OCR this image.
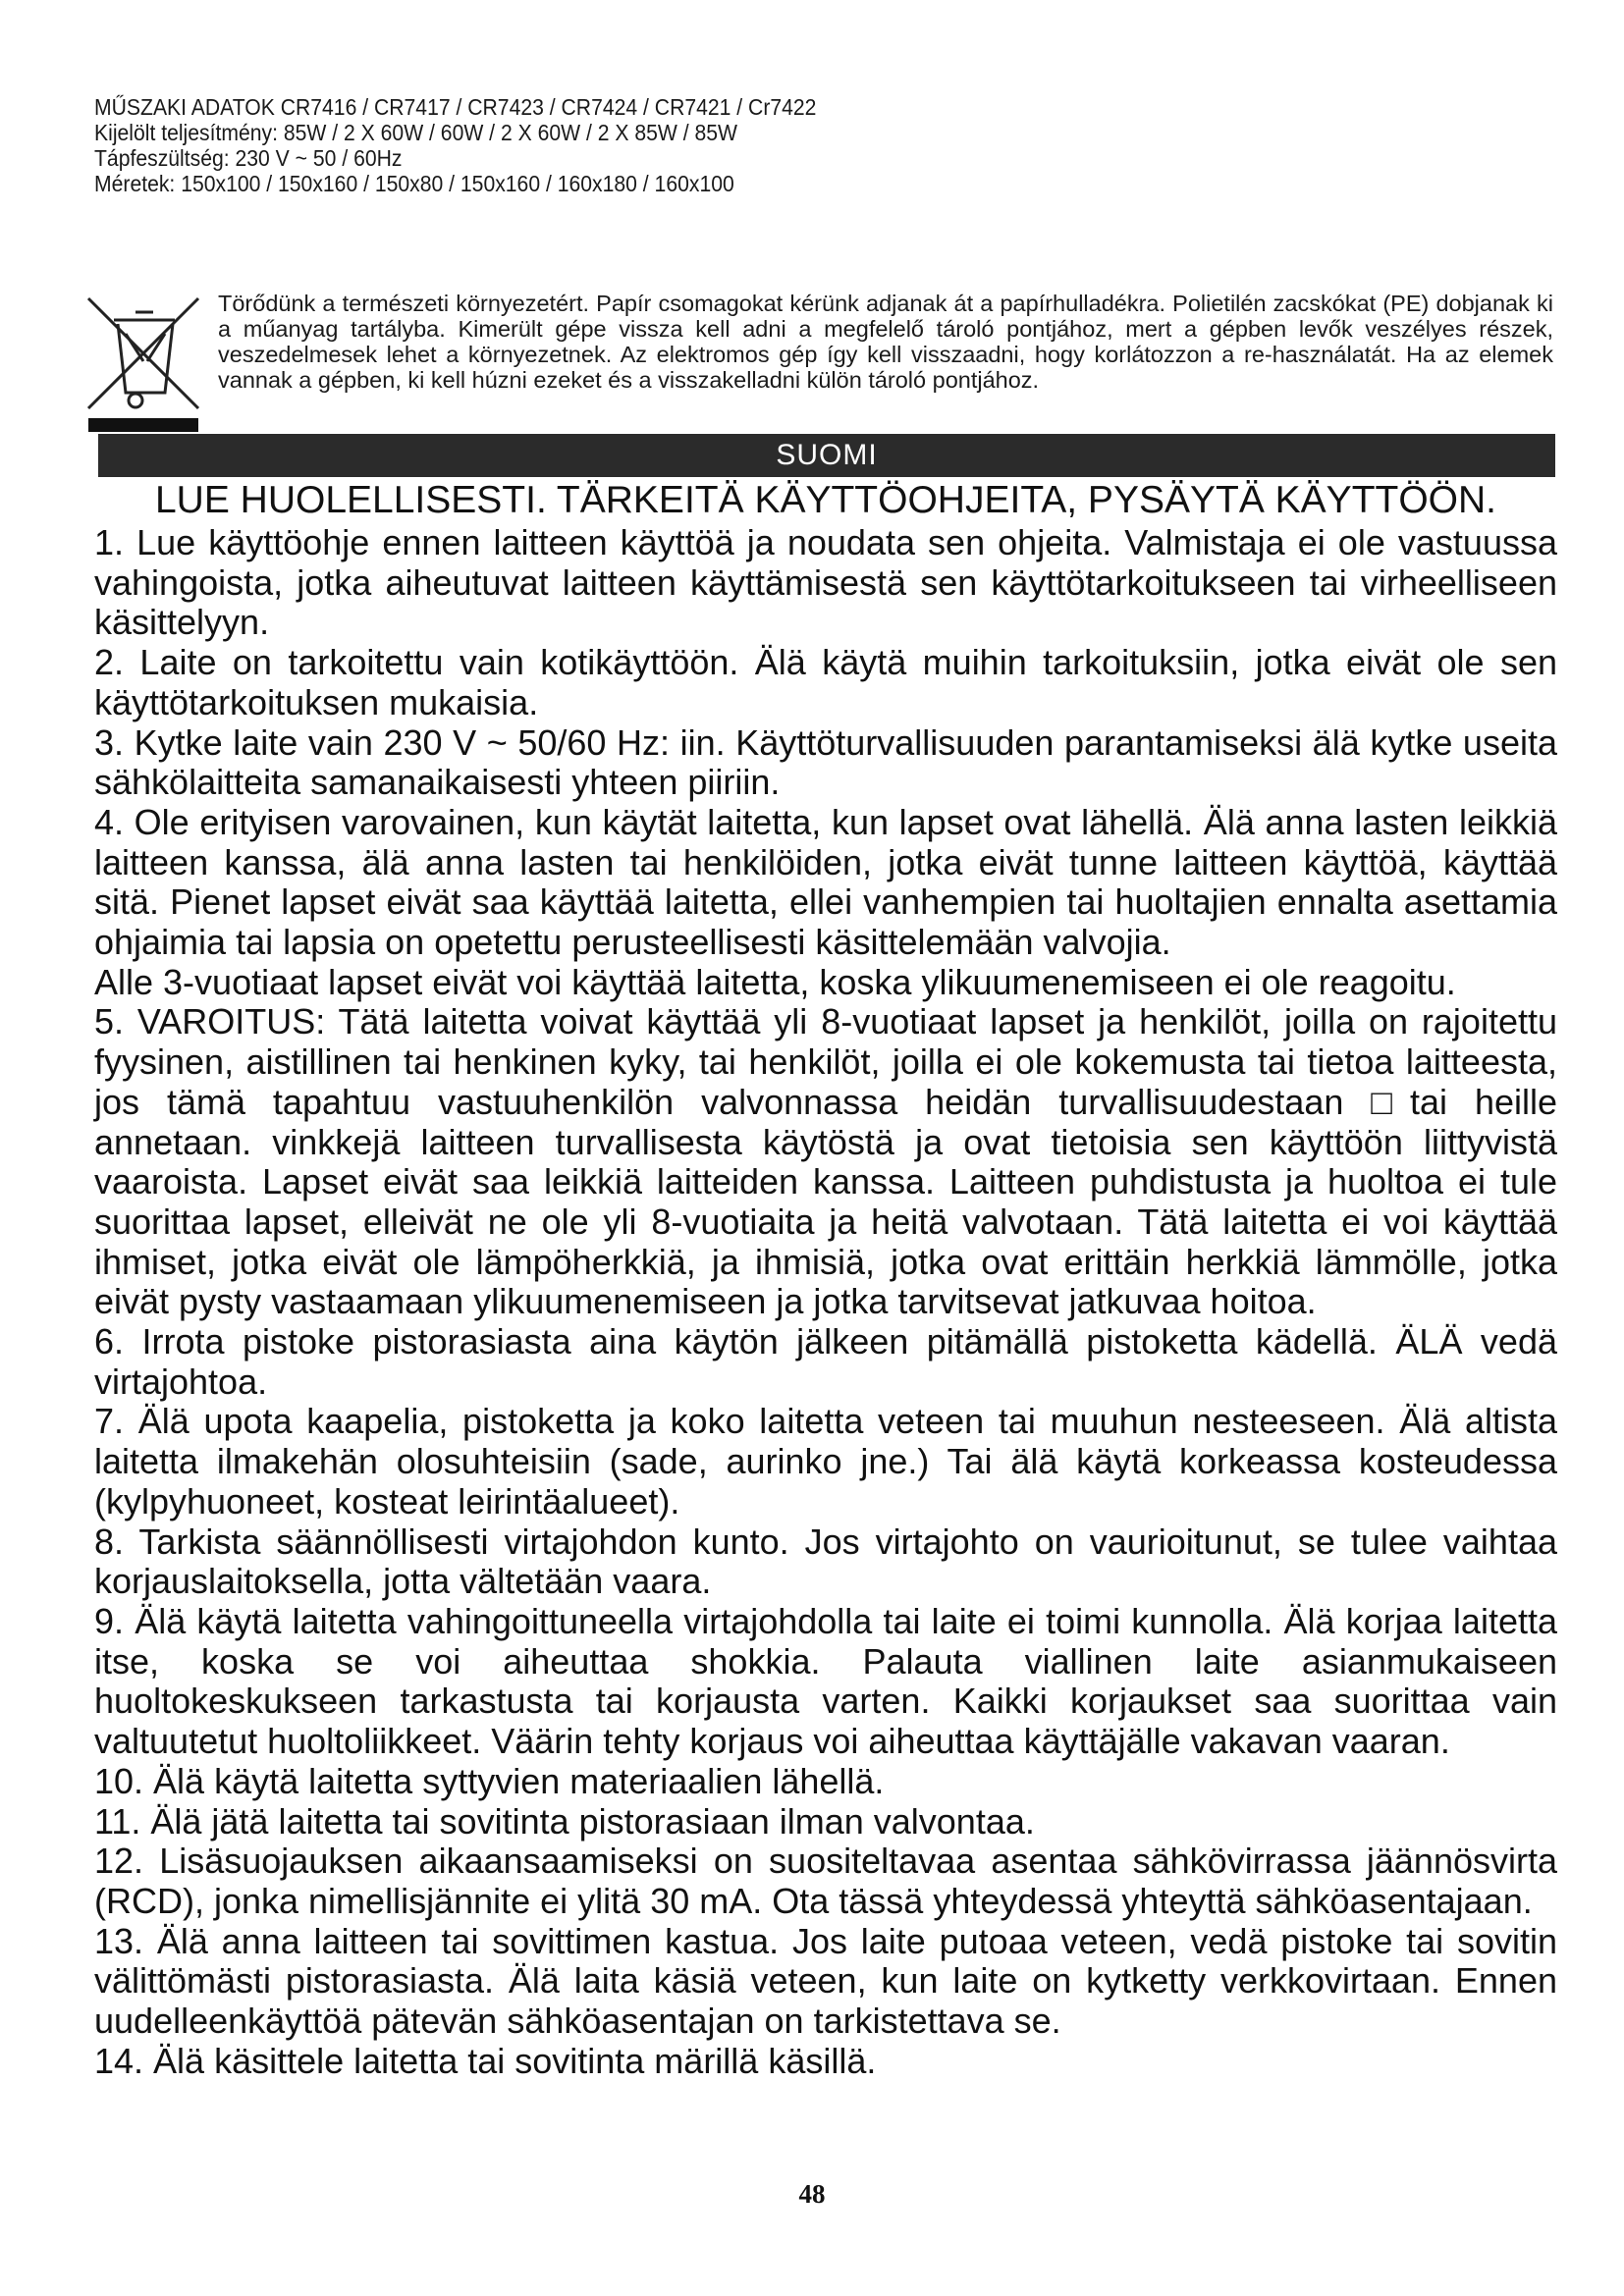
MŰSZAKI ADATOK CR7416 / CR7417 / CR7423 / CR7424 / CR7421 / Cr7422
Kijelölt teljesítmény: 85W / 2 X 60W / 60W / 2 X 60W / 2 X 85W / 85W
Tápfeszültség: 230 V ~ 50 / 60Hz
Méretek: 150x100 / 150x160 / 150x80 / 150x160 / 160x180 / 160x100

Törődünk a természeti környezetért. Papír csomagokat kérünk adjanak át a papírhulladékra. Polietilén zacskókat (PE) dobjanak ki a műanyag tartályba. Kimerült gépe vissza kell adni a megfelelő tároló pontjához, mert a gépben levők veszélyes részek, veszedelmesek lehet a környezetnek. Az elektromos gép így kell visszaadni, hogy korlátozzon a re-használatát. Ha az elemek vannak a gépben, ki kell húzni ezeket és a visszakelladni külön tároló pontjához.

SUOMI
LUE HUOLELLISESTI. TÄRKEITÄ KÄYTTÖOHJEITA, PYSÄYTÄ KÄYTTÖÖN.

1. Lue käyttöohje ennen laitteen käyttöä ja noudata sen ohjeita. Valmistaja ei ole vastuussa vahingoista, jotka aiheutuvat laitteen käyttämisestä sen käyttötarkoitukseen tai virheelliseen käsittelyyn.

2. Laite on tarkoitettu vain kotikäyttöön. Älä käytä muihin tarkoituksiin, jotka eivät ole sen käyttötarkoituksen mukaisia.

3. Kytke laite vain 230 V ~ 50/60 Hz: iin. Käyttöturvallisuuden parantamiseksi älä kytke useita sähkölaitteita samanaikaisesti yhteen piiriin.

4. Ole erityisen varovainen, kun käytät laitetta, kun lapset ovat lähellä. Älä anna lasten leikkiä laitteen kanssa, älä anna lasten tai henkilöiden, jotka eivät tunne laitteen käyttöä, käyttää sitä. Pienet lapset eivät saa käyttää laitetta, ellei vanhempien tai huoltajien ennalta asettamia ohjaimia tai lapsia on opetettu perusteellisesti käsittelemään valvojia.

Alle 3-vuotiaat lapset eivät voi käyttää laitetta, koska ylikuumenemiseen ei ole reagoitu.

5. VAROITUS: Tätä laitetta voivat käyttää yli 8-vuotiaat lapset ja henkilöt, joilla on rajoitettu fyysinen, aistillinen tai henkinen kyky, tai henkilöt, joilla ei ole kokemusta tai tietoa laitteesta, jos tämä tapahtuu vastuuhenkilön valvonnassa heidän turvallisuudestaan □tai heille annetaan. vinkkejä laitteen turvallisesta käytöstä ja ovat tietoisia sen käyttöön liittyvistä vaaroista. Lapset eivät saa leikkiä laitteiden kanssa. Laitteen puhdistusta ja huoltoa ei tule suorittaa lapset, elleivät ne ole yli 8-vuotiaita ja heitä valvotaan. Tätä laitetta ei voi käyttää ihmiset, jotka eivät ole lämpöherkkiä, ja ihmisiä, jotka ovat erittäin herkkiä lämmölle, jotka eivät pysty vastaamaan ylikuumenemiseen ja jotka tarvitsevat jatkuvaa hoitoa.

6. Irrota pistoke pistorasiasta aina käytön jälkeen pitämällä pistoketta kädellä. ÄLÄ vedä virtajohtoa.

7. Älä upota kaapelia, pistoketta ja koko laitetta veteen tai muuhun nesteeseen. Älä altista laitetta ilmakehän olosuhteisiin (sade, aurinko jne.) Tai älä käytä korkeassa kosteudessa (kylpyhuoneet, kosteat leirintäalueet).

8. Tarkista säännöllisesti virtajohdon kunto. Jos virtajohto on vaurioitunut, se tulee vaihtaa korjauslaitoksella, jotta vältetään vaara.

9. Älä käytä laitetta vahingoittuneella virtajohdolla tai laite ei toimi kunnolla. Älä korjaa laitetta itse, koska se voi aiheuttaa shokkia. Palauta viallinen laite asianmukaiseen huoltokeskukseen tarkastusta tai korjausta varten. Kaikki korjaukset saa suorittaa vain valtuutetut huoltoliikkeet. Väärin tehty korjaus voi aiheuttaa käyttäjälle vakavan vaaran.

10. Älä käytä laitetta syttyvien materiaalien lähellä.

11. Älä jätä laitetta tai sovitinta pistorasiaan ilman valvontaa.

12. Lisäsuojauksen aikaansaamiseksi on suositeltavaa asentaa sähkövirrassa jäännösvirta (RCD), jonka nimellisjännite ei ylitä 30 mA. Ota tässä yhteydessä yhteyttä sähköasentajaan.

13. Älä anna laitteen tai sovittimen kastua. Jos laite putoaa veteen, vedä pistoke tai sovitin välittömästi pistorasiasta. Älä laita käsiä veteen, kun laite on kytketty verkkovirtaan. Ennen uudelleenkäyttöä pätevän sähköasentajan on tarkistettava se.

14. Älä käsittele laitetta tai sovitinta märillä käsillä.

48
